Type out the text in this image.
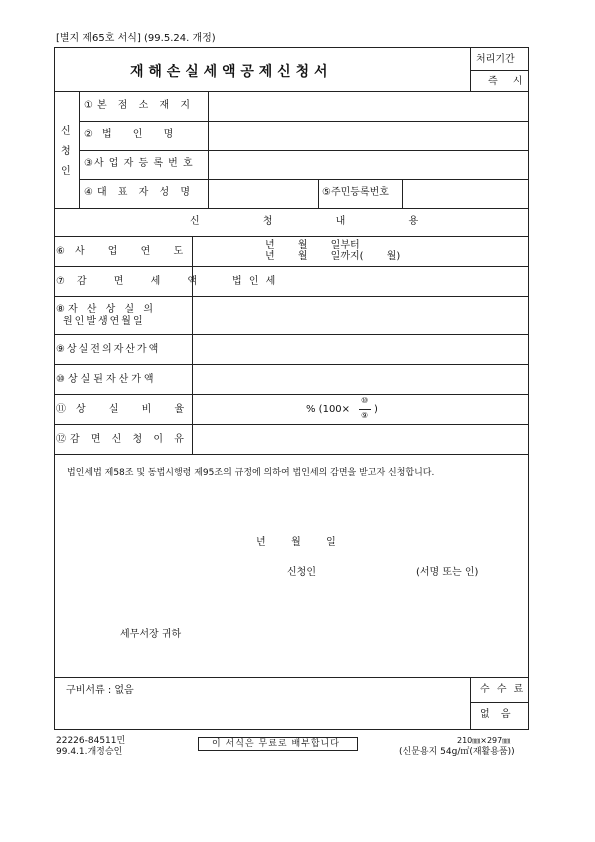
[별지 제65호 서식] (99.5.24. 개정)
재 해 손 실 세 액 공 제 신 청 서
처리기간
즉 시
신
청
인
①본 점 소 재 지
②법 인 명
③사 업 자 등 록 번 호
④대 표 자 성 명	⑤주민등록번호
신 청 내 용
⑥사 업 연 도
년 월 일부터
년 월 일까지( 월)
⑦감 면 세 액 법 인 세
⑧자 산 상 실 의
원인발생연월일
⑨상실전의자산가액
⑩상실된자산가액
⑪상 실 비 율	% (100×
⑩
⑨
)
⑫감 면 신 청 이 유
법인세법 제58조 및 동법시행령 제95조의 규정에 의하여 법인세의 감면을 받고자 신청합니다.
년        월        일
신청인	(서명 또는 인)
세무서장 귀하
구비서류 : 없음	수 수 료
없 음
22226-84511민
99.4.1.개정승인
이 서식은 무료로 배부합니다	210㎜×297㎜
(신문용지 54g/㎡(재활용품))
